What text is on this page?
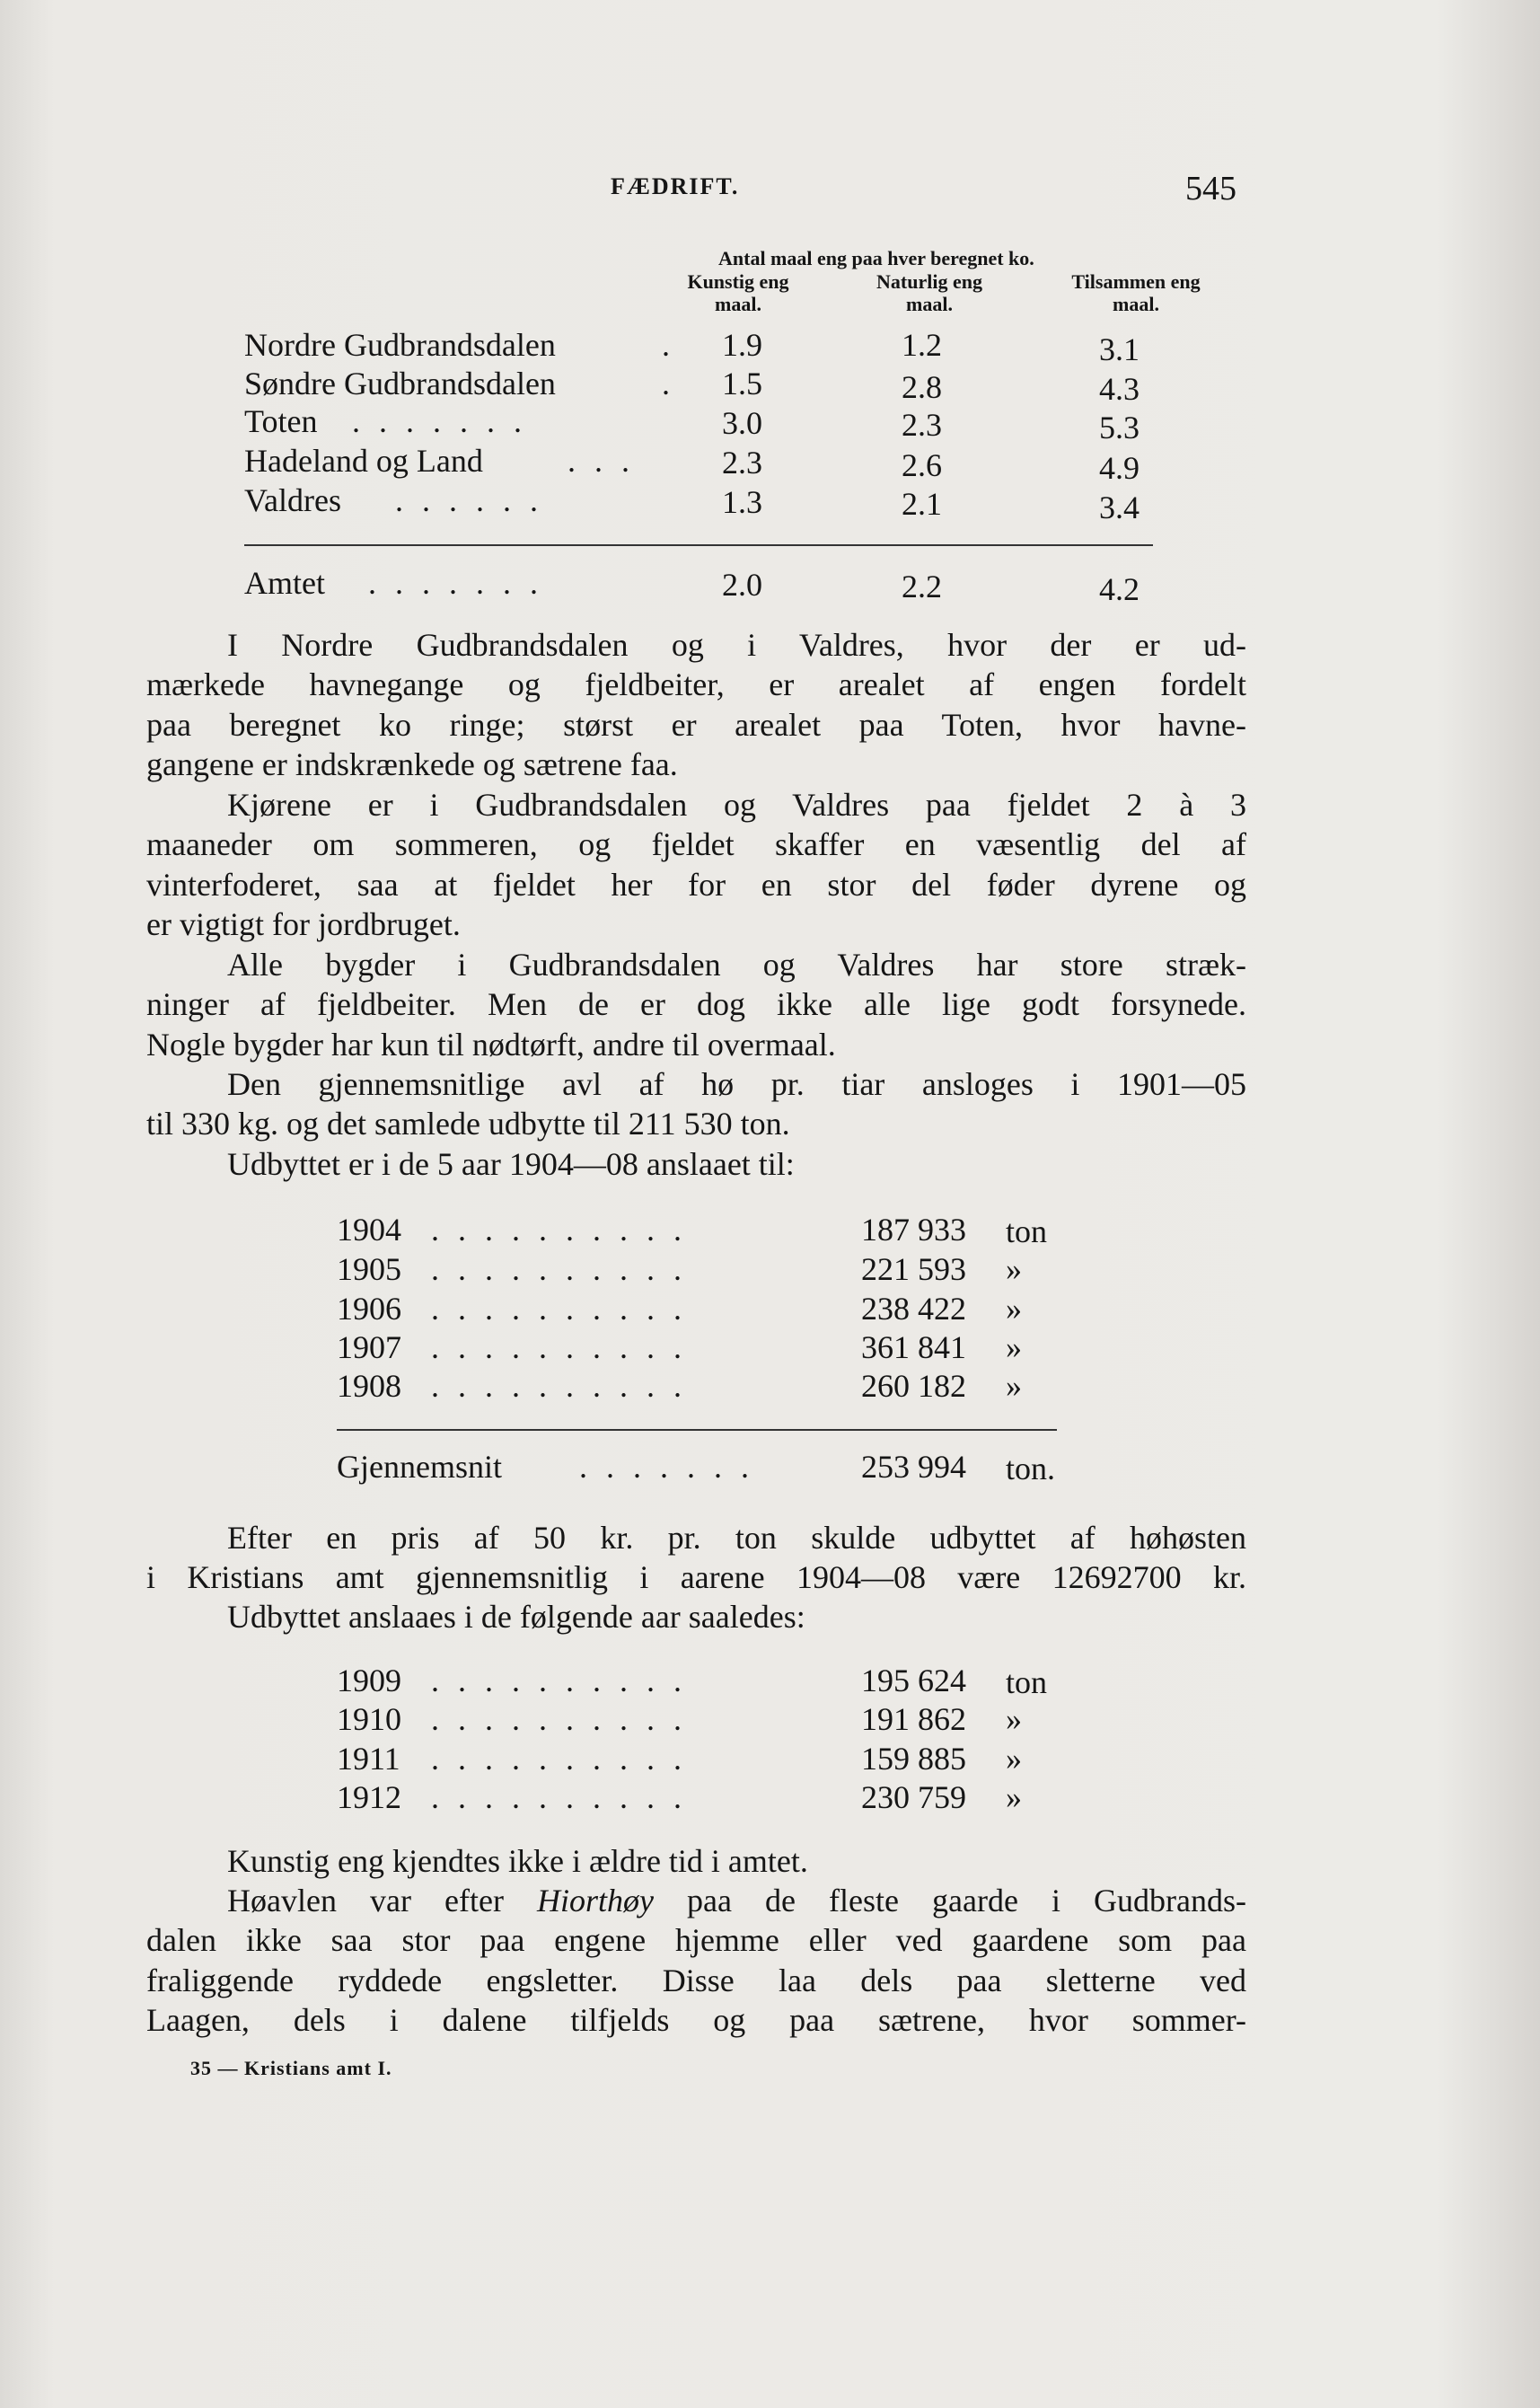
FÆDRIFT.	545
Antal maal eng paa hver beregnet ko.
Kunstig eng
maal.
Naturlig eng
maal.
Tilsammen eng
maal.
Nordre Gudbrandsdalen	. 1.9	1.2	3.1
Søndre Gudbrandsdalen	. 1.5	2.8	4.3
Toten . . . . . . .	3.0	2.3	5.3
Hadeland og Land	. . .	2.3	2.6	4.9
Valdres . . . . . .	1.3	2.1	3.4
Amtet . . . . . . .	2.0	2.2	4.2
I Nordre Gudbrandsdalen og i Valdres, hvor der er ud-
mærkede havnegange og fjeldbeiter, er arealet af engen fordelt
paa beregnet ko ringe; størst er arealet paa Toten, hvor havne-
gangene er indskrænkede og sætrene faa.
Kjørene er i Gudbrandsdalen og Valdres paa fjeldet 2 à 3
maaneder om sommeren, og fjeldet skaffer en væsentlig del af
vinterfoderet, saa at fjeldet her for en stor del føder dyrene og
er vigtigt for jordbruget.
Alle bygder i Gudbrandsdalen og Valdres har store stræk-
ninger af fjeldbeiter. Men de er dog ikke alle lige godt forsynede.
Nogle bygder har kun til nødtørft, andre til overmaal.
Den gjennemsnitlige avl af hø pr. tiar ansloges i 1901—05
til 330 kg. og det samlede udbytte til 211 530 ton.
Udbyttet er i de 5 aar 1904—08 anslaaet til:
1904 . . . . . . . . . .	187 933 ton
1905 . . . . . . . . . .	221 593 »
1906 . . . . . . . . . .	238 422 »
1907 . . . . . . . . . .	361 841 »
1908 . . . . . . . . . .	260 182 »
Gjennemsnit . . . . . . .	253 994 ton.
Efter en pris af 50 kr. pr. ton skulde udbyttet af høhøsten
i Kristians amt gjennemsnitlig i aarene 1904—08 være 12692700 kr.
Udbyttet anslaaes i de følgende aar saaledes:
1909 . . . . . . . . . .	195 624 ton
1910 . . . . . . . . . .	191 862 »
1911 . . . . . . . . . .	159 885 »
1912 . . . . . . . . . .	230 759 »
Kunstig eng kjendtes ikke i ældre tid i amtet.
Høavlen var efter Hiorthøy paa de fleste gaarde i Gudbrands-
dalen ikke saa stor paa engene hjemme eller ved gaardene som paa
fraliggende ryddede engsletter. Disse laa dels paa sletterne ved
Laagen, dels i dalene tilfjelds og paa sætrene, hvor sommer-
35 — Kristians amt I.
